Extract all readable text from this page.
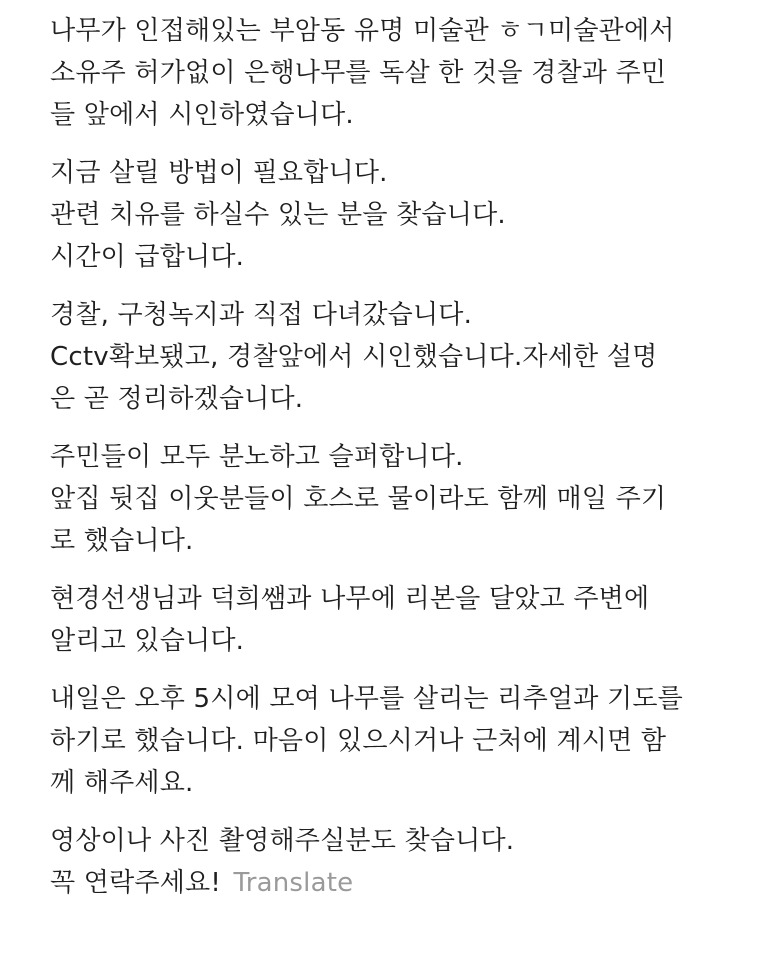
나무가 인접해있는 부암동 유명 미술관 ㅎㄱ미술관에서
소유주 허가없이 은행나무를 독살 한 것을 경찰과 주민
들 앞에서 시인하였습니다.
지금 살릴 방법이 필요합니다.
관련 치유를 하실수 있는 분을 찾습니다.
시간이 급합니다.
경찰, 구청녹지과 직접 다녀갔습니다.
Cctv확보됐고, 경찰앞에서 시인했습니다.자세한 설명
은 곧 정리하겠습니다.
주민들이 모두 분노하고 슬퍼합니다.
앞집 뒷집 이웃분들이 호스로 물이라도 함께 매일 주기
로 했습니다.
현경선생님과 덕희쌤과 나무에 리본을 달았고 주변에
알리고 있습니다.
내일은 오후 5시에 모여 나무를 살리는 리추얼과 기도를
하기로 했습니다. 마음이 있으시거나 근처에 계시면 함
께 해주세요.
영상이나 사진 촬영해주실분도 찾습니다.
꼭 연락주세요! Translate
